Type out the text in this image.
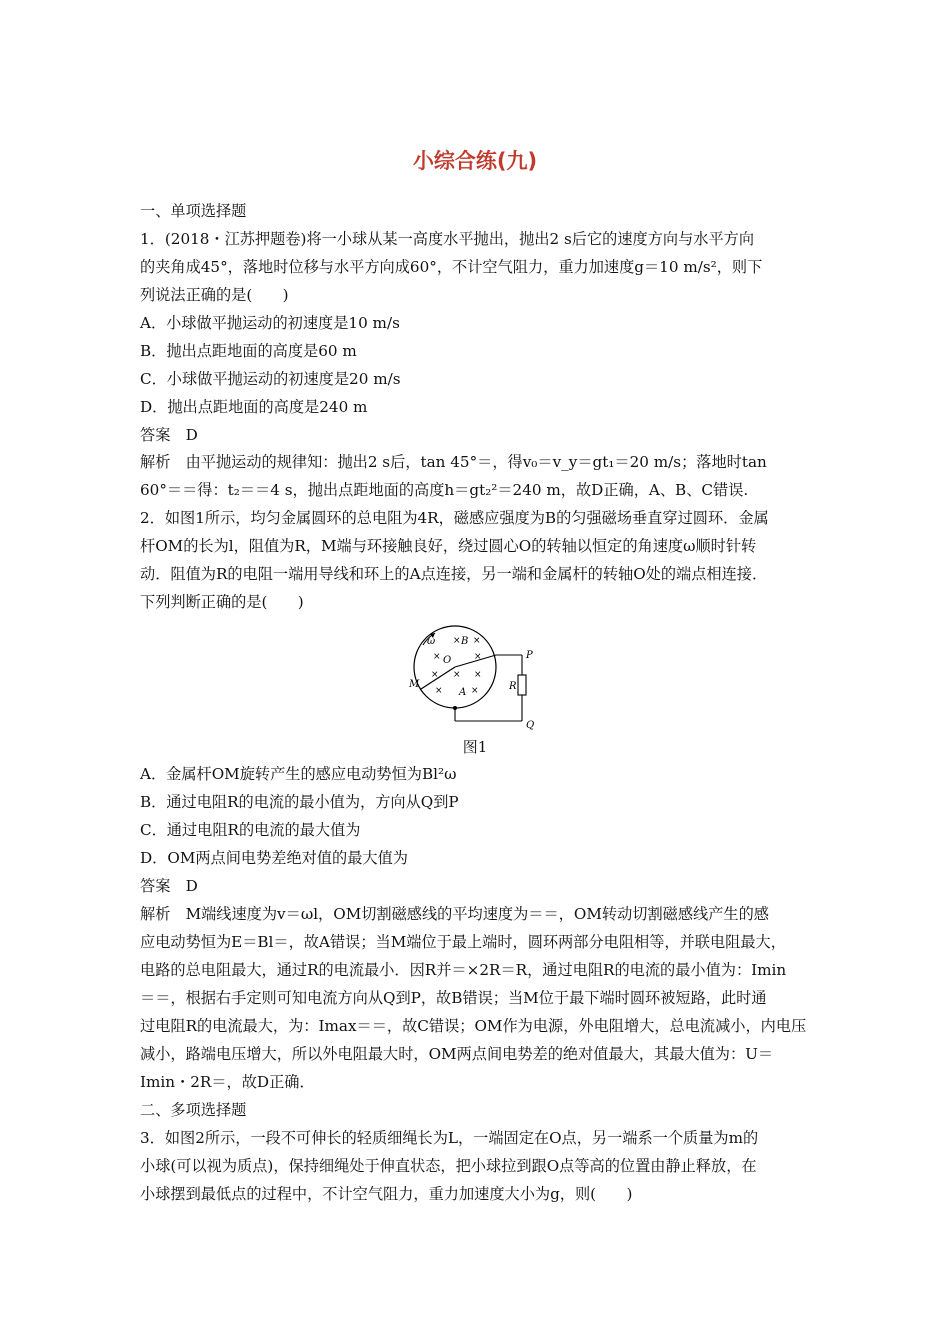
小综合练(九)
一、单项选择题
1．(2018・江苏押题卷)将一小球从某一高度水平抛出，抛出2 s后它的速度方向与水平方向
的夹角成45°，落地时位移与水平方向成60°，不计空气阻力，重力加速度g＝10 m/s²，则下
列说法正确的是(　　)
A．小球做平抛运动的初速度是10 m/s
B．抛出点距地面的高度是60 m
C．小球做平抛运动的初速度是20 m/s
D．抛出点距地面的高度是240 m
答案　D
解析　由平抛运动的规律知：抛出2 s后，tan 45°＝，得v₀＝v_y＝gt₁＝20 m/s；落地时tan
60°＝＝得：t₂＝＝4 s，抛出点距地面的高度h＝gt₂²＝240 m，故D正确，A、B、C错误.
2．如图1所示，均匀金属圆环的总电阻为4R，磁感应强度为B的匀强磁场垂直穿过圆环．金属
杆OM的长为l，阻值为R，M端与环接触良好，绕过圆心O的转轴以恒定的角速度ω顺时针转
动．阻值为R的电阻一端用导线和环上的A点连接，另一端和金属杆的转轴O处的端点相连接．
下列判断正确的是(　　)
× ×
×	×
× × ×
×	×
ω	B
O
M
A
P
R
Q
图1
A．金属杆OM旋转产生的感应电动势恒为Bl²ω
B．通过电阻R的电流的最小值为，方向从Q到P
C．通过电阻R的电流的最大值为
D．OM两点间电势差绝对值的最大值为
答案　D
解析　M端线速度为v＝ωl，OM切割磁感线的平均速度为＝＝，OM转动切割磁感线产生的感
应电动势恒为E＝Bl＝，故A错误；当M端位于最上端时，圆环两部分电阻相等，并联电阻最大，
电路的总电阻最大，通过R的电流最小．因R并＝×2R＝R，通过电阻R的电流的最小值为：Imin
＝＝，根据右手定则可知电流方向从Q到P，故B错误；当M位于最下端时圆环被短路，此时通
过电阻R的电流最大，为：Imax＝＝，故C错误；OM作为电源，外电阻增大，总电流减小，内电压
减小，路端电压增大，所以外电阻最大时，OM两点间电势差的绝对值最大，其最大值为：U＝
Imin・2R＝，故D正确．
二、多项选择题
3．如图2所示，一段不可伸长的轻质细绳长为L，一端固定在O点，另一端系一个质量为m的
小球(可以视为质点)，保持细绳处于伸直状态，把小球拉到跟O点等高的位置由静止释放，在
小球摆到最低点的过程中，不计空气阻力，重力加速度大小为g，则(　　)
